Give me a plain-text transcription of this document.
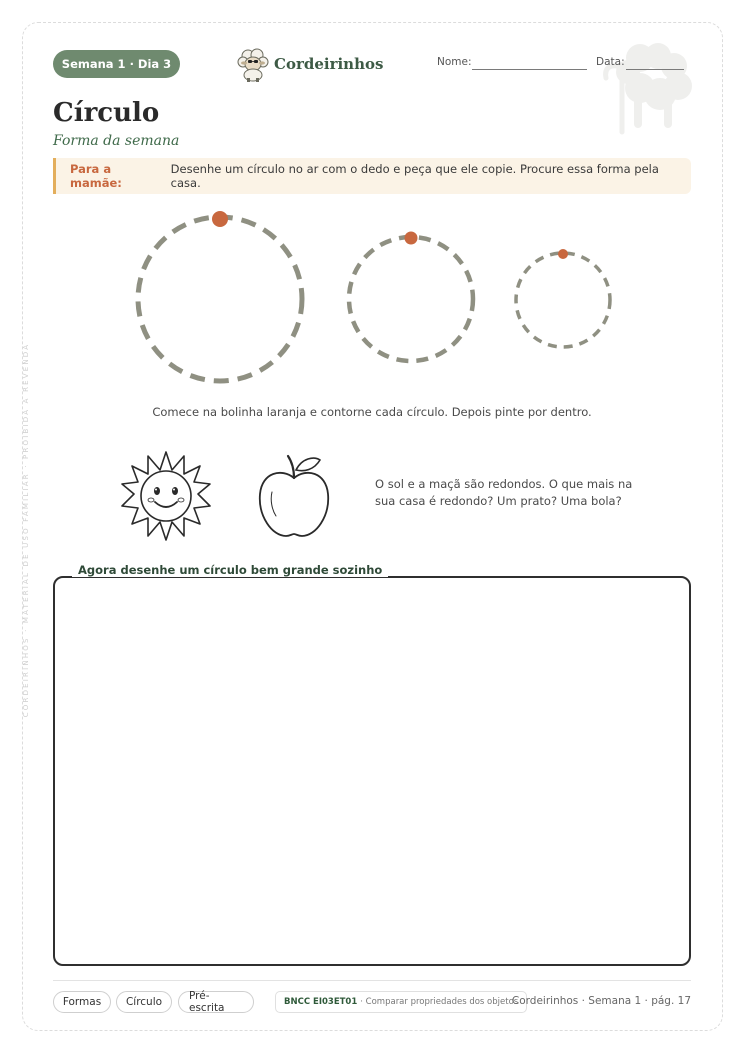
CORDEIRINHOS · MATERIAL DE USO FAMILIAR · PROIBIDA A REVENDA
Semana 1 · Dia 3	Cordeirinhos	Nome:	Data:
Círculo
Forma da semana
Para a mamãe:
Desenhe um círculo no ar com o dedo e peça que ele copie. Procure essa forma pela casa.
Comece na bolinha laranja e contorne cada círculo. Depois pinte por dentro.
O sol e a maçã são redondos. O que mais na sua casa é redondo? Um prato? Uma bola?
Agora desenhe um círculo bem grande sozinho
Formas	Círculo	Pré-escrita	BNCC EI03ET01 · Comparar propriedades dos objetos
Cordeirinhos · Semana 1 · pág. 17
